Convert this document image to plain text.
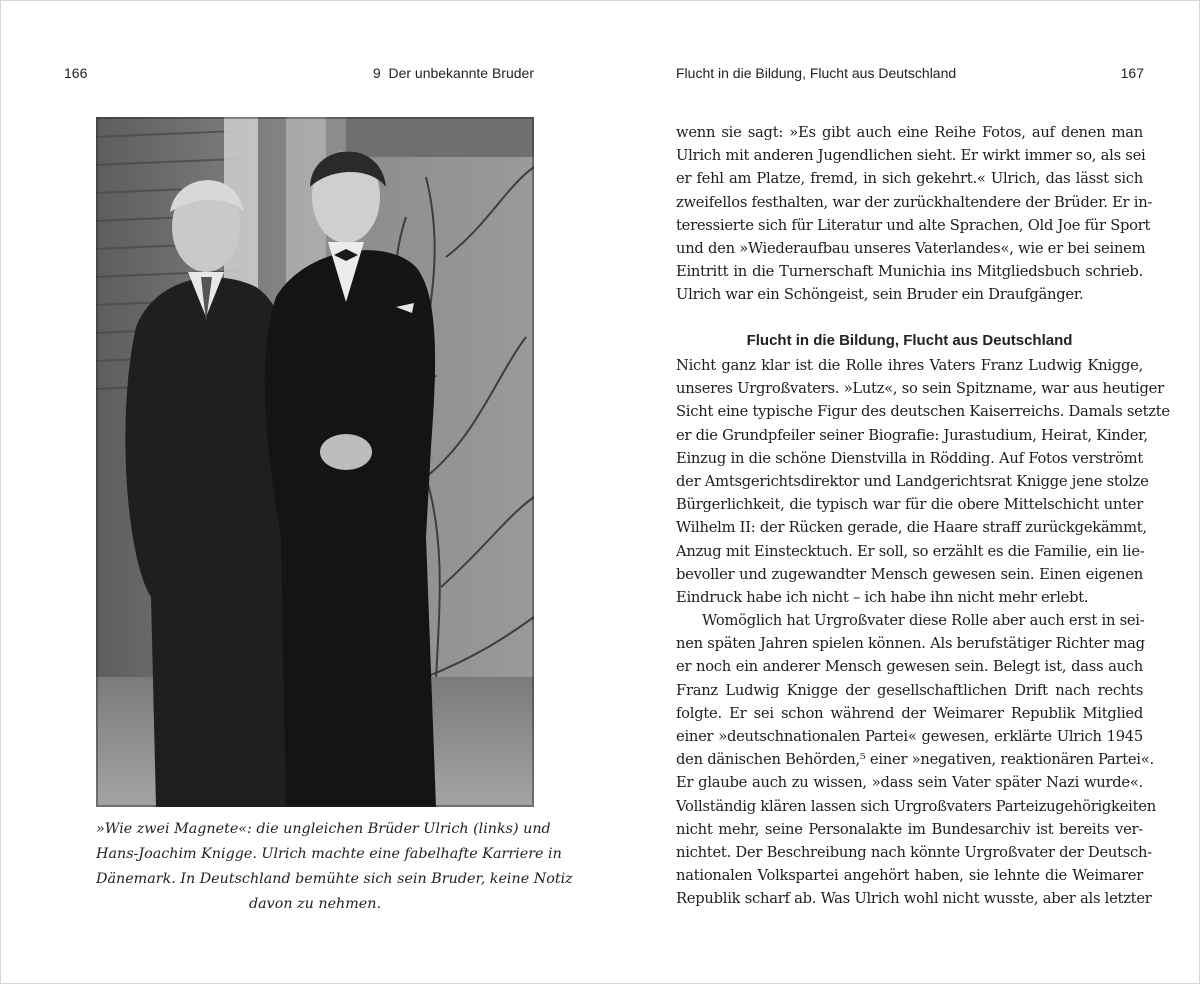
166	9  Der unbekannte Bruder
»Wie zwei Magnete«: die ungleichen Brüder Ulrich (links) und
Hans-Joachim Knigge. Ulrich machte eine fabelhafte Karriere in
Dänemark. In Deutschland bemühte sich sein Bruder, keine Notiz
davon zu nehmen.
Flucht in die Bildung, Flucht aus Deutschland	167
wenn sie sagt: »Es gibt auch eine Reihe Fotos, auf denen man
Ulrich mit anderen Jugendlichen sieht. Er wirkt immer so, als sei
er fehl am Platze, fremd, in sich gekehrt.« Ulrich, das lässt sich
zweifellos festhalten, war der zurückhaltendere der Brüder. Er in-
teressierte sich für Literatur und alte Sprachen, Old Joe für Sport
und den »Wiederaufbau unseres Vaterlandes«, wie er bei seinem
Eintritt in die Turnerschaft Munichia ins Mitgliedsbuch schrieb.
Ulrich war ein Schöngeist, sein Bruder ein Draufgänger.
Flucht in die Bildung, Flucht aus Deutschland
Nicht ganz klar ist die Rolle ihres Vaters Franz Ludwig Knigge,
unseres Urgroßvaters. »Lutz«, so sein Spitzname, war aus heutiger
Sicht eine typische Figur des deutschen Kaiserreichs. Damals setzte
er die Grundpfeiler seiner Biografie: Jurastudium, Heirat, Kinder,
Einzug in die schöne Dienstvilla in Rödding. Auf Fotos verströmt
der Amtsgerichtsdirektor und Landgerichtsrat Knigge jene stolze
Bürgerlichkeit, die typisch war für die obere Mittelschicht unter
Wilhelm II: der Rücken gerade, die Haare straff zurückgekämmt,
Anzug mit Einstecktuch. Er soll, so erzählt es die Familie, ein lie-
bevoller und zugewandter Mensch gewesen sein. Einen eigenen
Eindruck habe ich nicht – ich habe ihn nicht mehr erlebt.
Womöglich hat Urgroßvater diese Rolle aber auch erst in sei-
nen späten Jahren spielen können. Als berufstätiger Richter mag
er noch ein anderer Mensch gewesen sein. Belegt ist, dass auch
Franz Ludwig Knigge der gesellschaftlichen Drift nach rechts
folgte. Er sei schon während der Weimarer Republik Mitglied
einer »deutschnationalen Partei« gewesen, erklärte Ulrich 1945
den dänischen Behörden,⁵ einer »negativen, reaktionären Partei«.
Er glaube auch zu wissen, »dass sein Vater später Nazi wurde«.
Vollständig klären lassen sich Urgroßvaters Parteizugehörigkeiten
nicht mehr, seine Personalakte im Bundesarchiv ist bereits ver-
nichtet. Der Beschreibung nach könnte Urgroßvater der Deutsch-
nationalen Volkspartei angehört haben, sie lehnte die Weimarer
Republik scharf ab. Was Ulrich wohl nicht wusste, aber als letzter
